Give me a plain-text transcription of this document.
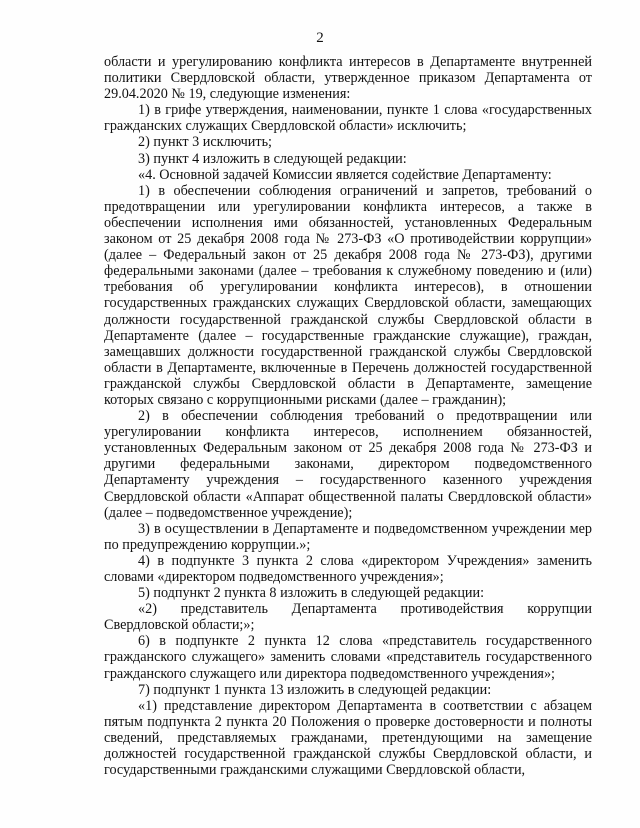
2

области и урегулированию конфликта интересов в Департаменте внутренней политики Свердловской области, утвержденное приказом Департамента от 29.04.2020 № 19, следующие изменения:

1) в грифе утверждения, наименовании, пункте 1 слова «государственных гражданских служащих Свердловской области» исключить;

2) пункт 3 исключить;

3) пункт 4 изложить в следующей редакции:

«4. Основной задачей Комиссии является содействие Департаменту:

1) в обеспечении соблюдения ограничений и запретов, требований о предотвращении или урегулировании конфликта интересов, а также в обеспечении исполнения ими обязанностей, установленных Федеральным законом от 25 декабря 2008 года № 273-ФЗ «О противодействии коррупции» (далее – Федеральный закон от 25 декабря 2008 года № 273-ФЗ), другими федеральными законами (далее – требования к служебному поведению и (или) требования об урегулировании конфликта интересов), в отношении государственных гражданских служащих Свердловской области, замещающих должности государственной гражданской службы Свердловской области в Департаменте (далее – государственные гражданские служащие), граждан, замещавших должности государственной гражданской службы Свердловской области в Департаменте, включенные в Перечень должностей государственной гражданской службы Свердловской области в Департаменте, замещение которых связано с коррупционными рисками (далее – гражданин);

2) в обеспечении соблюдения требований о предотвращении или урегулировании конфликта интересов, исполнением обязанностей, установленных Федеральным законом от 25 декабря 2008 года № 273-ФЗ и другими федеральными законами, директором подведомственного Департаменту учреждения – государственного казенного учреждения Свердловской области «Аппарат общественной палаты Свердловской области» (далее – подведомственное учреждение);

3) в осуществлении в Департаменте и подведомственном учреждении мер по предупреждению коррупции.»;

4) в подпункте 3 пункта 2 слова «директором Учреждения» заменить словами «директором подведомственного учреждения»;

5) подпункт 2 пункта 8 изложить в следующей редакции:

«2) представитель Департамента противодействия коррупции Свердловской области;»;

6) в подпункте 2 пункта 12 слова «представитель государственного гражданского служащего» заменить словами «представитель государственного гражданского служащего или директора подведомственного учреждения»;

7) подпункт 1 пункта 13 изложить в следующей редакции:

«1) представление директором Департамента в соответствии с абзацем пятым подпункта 2 пункта 20 Положения о проверке достоверности и полноты сведений, представляемых гражданами, претендующими на замещение должностей государственной гражданской службы Свердловской области, и государственными гражданскими служащими Свердловской области,
